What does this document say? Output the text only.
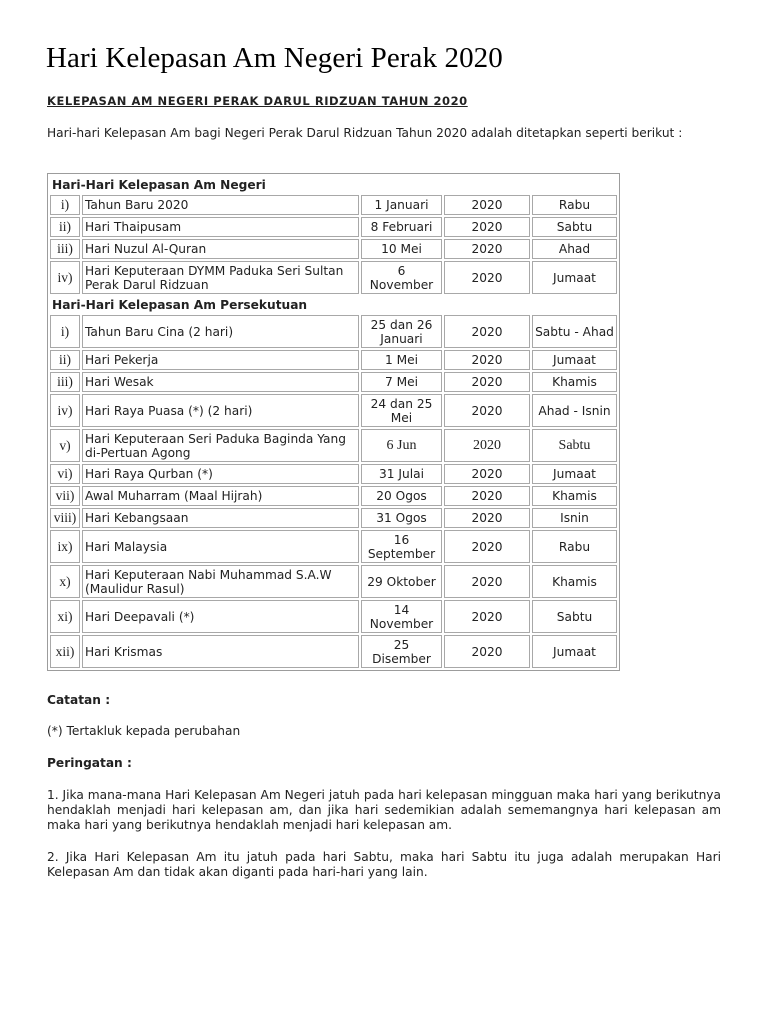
Hari Kelepasan Am Negeri Perak 2020
KELEPASAN AM NEGERI PERAK DARUL RIDZUAN TAHUN 2020

Hari-hari Kelepasan Am bagi Negeri Perak Darul Ridzuan Tahun 2020 adalah ditetapkan seperti berikut :

Hari-Hari Kelepasan Am Negeri				
i)	Tahun Baru 2020	1 Januari	2020	Rabu
ii)	Hari Thaipusam	8 Februari	2020	Sabtu
iii)	Hari Nuzul Al-Quran	10 Mei	2020	Ahad
iv)	Hari Keputeraan DYMM Paduka Seri Sultan Perak Darul Ridzuan	6 November	2020	Jumaat
Hari-Hari Kelepasan Am Persekutuan				
i)	Tahun Baru Cina (2 hari)	25 dan 26 Januari	2020	Sabtu - Ahad
ii)	Hari Pekerja	1 Mei	2020	Jumaat
iii)	Hari Wesak	7 Mei	2020	Khamis
iv)	Hari Raya Puasa (*) (2 hari)	24 dan 25 Mei	2020	Ahad - Isnin
v)	Hari Keputeraan Seri Paduka Baginda Yang di-Pertuan Agong	6 Jun	2020	Sabtu
vi)	Hari Raya Qurban (*)	31 Julai	2020	Jumaat
vii)	Awal Muharram (Maal Hijrah)	20 Ogos	2020	Khamis
viii)	Hari Kebangsaan	31 Ogos	2020	Isnin
ix)	Hari Malaysia	16 September	2020	Rabu
x)	Hari Keputeraan Nabi Muhammad S.A.W (Maulidur Rasul)	29 Oktober	2020	Khamis
xi)	Hari Deepavali (*)	14 November	2020	Sabtu
xii)	Hari Krismas	25 Disember	2020	Jumaat
Catatan :
(*) Tertakluk kepada perubahan
Peringatan :

1. Jika mana-mana Hari Kelepasan Am Negeri jatuh pada hari kelepasan mingguan maka hari yang berikutnya hendaklah menjadi hari kelepasan am, dan jika hari sedemikian adalah sememangnya hari kelepasan am maka hari yang berikutnya hendaklah menjadi hari kelepasan am.

2. Jika Hari Kelepasan Am itu jatuh pada hari Sabtu, maka hari Sabtu itu juga adalah merupakan Hari Kelepasan Am dan tidak akan diganti pada hari-hari yang lain.
